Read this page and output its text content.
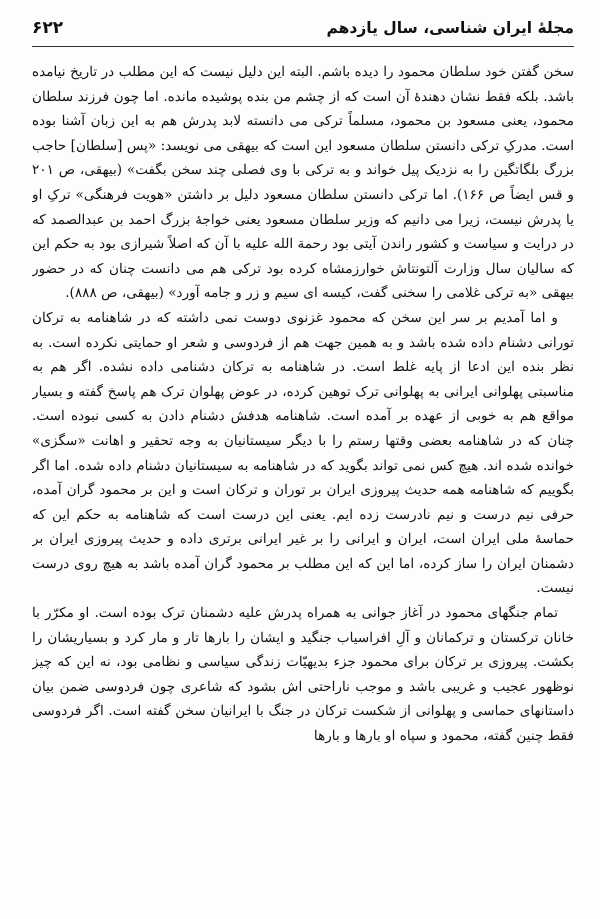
مجلهٔ ایران شناسی، سال یازدهم
۶۲۲

سخن گفتن خود سلطان محمود را دیده باشم. البته این دلیل نیست که این مطلب در تاریخ نیامده باشد. بلکه فقط نشان دهندهٔ آن است که از چشم من بنده پوشیده مانده. اما چون فرزند سلطان محمود، یعنی مسعود بن محمود، مسلماً ترکی می دانسته لابد پدرش هم به این زبان آشنا بوده است. مدرکِ ترکی دانستن سلطان مسعود این است که بیهقی می نویسد: «پس [سلطان] حاجب بزرگ بلگاتگین را به نزدیک پیل خواند و به ترکی با وی فصلی چند سخن بگفت» (بیهقی، ص ۲۰۱ و قس ایضاً ص ۱۶۶). اما ترکی دانستن سلطان مسعود دلیل بر داشتن «هویت فرهنگی» ترکِ او یا پدرش نیست، زیرا می دانیم که وزیر سلطان مسعود یعنی خواجهٔ بزرگ احمد بن عبدالصمد که در درایت و سیاست و کشور راندن آیتی بود رحمة الله علیه با آن که اصلاً شیرازی بود به حکم این که سالیان سال وزارت آلتونتاش خوارزمشاه کرده بود ترکی هم می دانست چنان که در حضور بیهقی «به ترکی غلامی را سخنی گفت، کیسه ای سیم و زر و جامه آورد» (بیهقی، ص ۸۸۸).

و اما آمدیم بر سر این سخن که محمود غزنوی دوست نمی داشته که در شاهنامه به ترکان تورانی دشنام داده شده باشد و به همین جهت هم از فردوسی و شعر او حمایتی نکرده است. به نظر بنده این ادعا از پایه غلط است. در شاهنامه به ترکان دشنامی داده نشده. اگر هم به مناسبتی پهلوانی ایرانی به پهلوانی ترک توهین کرده، در عوض پهلوان ترک هم پاسخ گفته و بسیار مواقع هم به خوبی از عهده بر آمده است. شاهنامه هدفش دشنام دادن به کسی نبوده است. چنان که در شاهنامه بعضی وقتها رستم را با دیگر سیستانیان به وجه تحقیر و اهانت «سگزی» خوانده شده اند. هیچ کس نمی تواند بگوید که در شاهنامه به سیستانیان دشنام داده شده. اما اگر بگوییم که شاهنامه همه حدیث پیروزی ایران بر توران و ترکان است و این بر محمود گران آمده، حرفی نیم درست و نیم نادرست زده ایم. یعنی این درست است که شاهنامه به حکم این که حماسهٔ ملی ایران است، ایران و ایرانی را بر غیر ایرانی برتری داده و حدیث پیروزی ایران بر دشمنان ایران را ساز کرده، اما این که این مطلب بر محمود گران آمده باشد به هیچ روی درست نیست.

تمام جنگهای محمود در آغاز جوانی به همراه پدرش علیه دشمنان ترک بوده است. او مکرّر با خانان ترکستان و ترکمانان و آلِ افراسیاب جنگید و ایشان را بارها تار و مار کرد و بسیاریشان را بکشت. پیروزی بر ترکان برای محمود جزء بدیهیّات زندگی سیاسی و نظامی بود، نه این که چیز نوظهور عجیب و غریبی باشد و موجب ناراحتی اش بشود که شاعری چون فردوسی ضمن بیان داستانهای حماسی و پهلوانی از شکست ترکان در جنگ با ایرانیان سخن گفته است. اگر فردوسی فقط چنین گفته، محمود و سپاه او بارها و بارها
